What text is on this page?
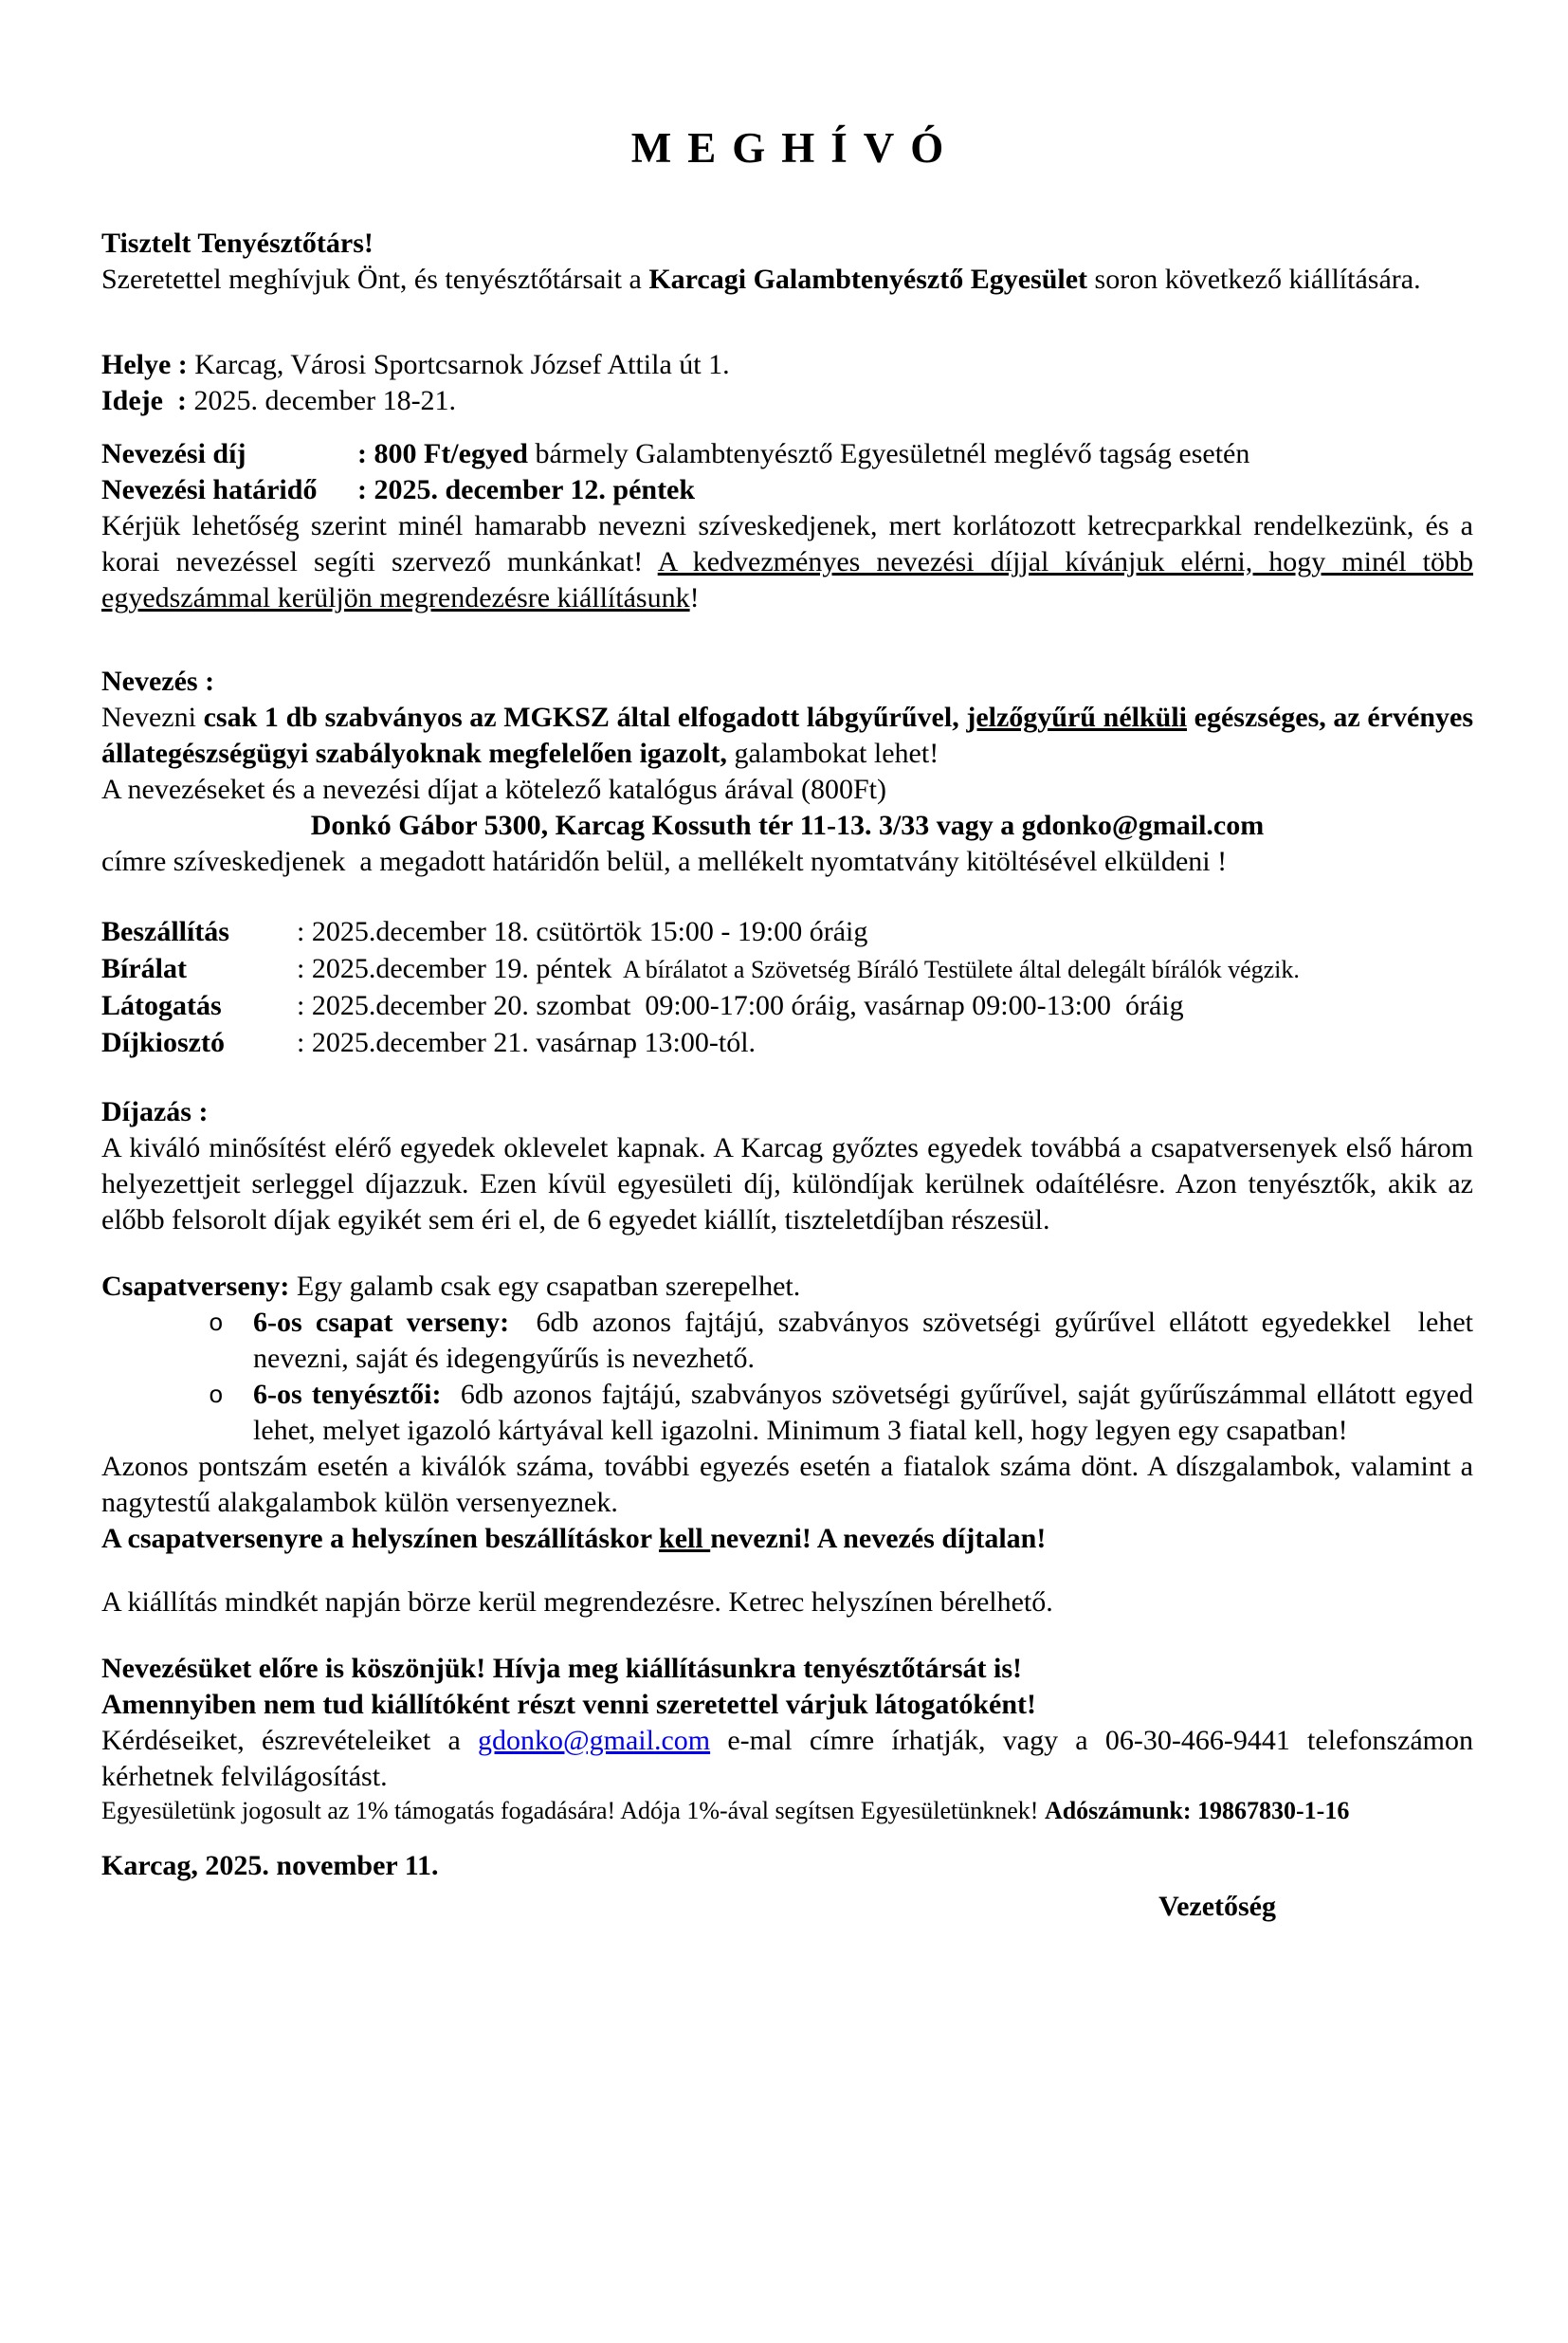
MEGHÍVÓ
Tisztelt Tenyésztőtárs!
Szeretettel meghívjuk Önt, és tenyésztőtársait a Karcagi Galambtenyésztő Egyesület soron következő kiállítására.
Helye : Karcag, Városi Sportcsarnok József Attila út 1.
Ideje  : 2025. december 18-21.
Nevezési díj	: 800 Ft/egyed bármely Galambtenyésztő Egyesületnél meglévő tagság esetén
Nevezési határidő : 2025. december 12. péntek
Kérjük lehetőség szerint minél hamarabb nevezni szíveskedjenek, mert korlátozott ketrecparkkal rendelkezünk, és a korai nevezéssel segíti szervező munkánkat! A kedvezményes nevezési díjjal kívánjuk elérni, hogy minél több egyedszámmal kerüljön megrendezésre kiállításunk!
Nevezés :
Nevezni csak 1 db szabványos az MGKSZ által elfogadott lábgyűrűvel, jelzőgyűrű nélküli egészséges, az érvényes állategészségügyi szabályoknak megfelelően igazolt, galambokat lehet!
A nevezéseket és a nevezési díjat a kötelező katalógus árával (800Ft)
Donkó Gábor 5300, Karcag Kossuth tér 11-13. 3/33 vagy a gdonko@gmail.com
címre szíveskedjenek  a megadott határidőn belül, a mellékelt nyomtatvány kitöltésével elküldeni !
Beszállítás : 2025.december 18. csütörtök 15:00 - 19:00 óráig
Bírálat	: 2025.december 19. péntek  A bírálatot a Szövetség Bíráló Testülete által delegált bírálók végzik.
Látogatás	: 2025.december 20. szombat  09:00-17:00 óráig, vasárnap 09:00-13:00  óráig
Díjkiosztó	: 2025.december 21. vasárnap 13:00-tól.
Díjazás :
A kiváló minősítést elérő egyedek oklevelet kapnak. A Karcag győztes egyedek továbbá a csapatversenyek első három helyezettjeit serleggel díjazzuk. Ezen kívül egyesületi díj, különdíjak kerülnek odaítélésre. Azon tenyésztők, akik az előbb felsorolt díjak egyikét sem éri el, de 6 egyedet kiállít, tiszteletdíjban részesül.
Csapatverseny: Egy galamb csak egy csapatban szerepelhet.
o 6-os csapat verseny:  6db azonos fajtájú, szabványos szövetségi gyűrűvel ellátott egyedekkel  lehet nevezni, saját és idegengyűrűs is nevezhető.
o 6-os tenyésztői:  6db azonos fajtájú, szabványos szövetségi gyűrűvel, saját gyűrűszámmal ellátott egyed lehet, melyet igazoló kártyával kell igazolni. Minimum 3 fiatal kell, hogy legyen egy csapatban!
Azonos pontszám esetén a kiválók száma, további egyezés esetén a fiatalok száma dönt. A díszgalambok, valamint a nagytestű alakgalambok külön versenyeznek.
A csapatversenyre a helyszínen beszállításkor kell nevezni! A nevezés díjtalan!
A kiállítás mindkét napján börze kerül megrendezésre. Ketrec helyszínen bérelhető.
Nevezésüket előre is köszönjük! Hívja meg kiállításunkra tenyésztőtársát is!
Amennyiben nem tud kiállítóként részt venni szeretettel várjuk látogatóként!
Kérdéseiket, észrevételeiket a gdonko@gmail.com e-mal címre írhatják, vagy a 06-30-466-9441 telefonszámon kérhetnek felvilágosítást.
Egyesületünk jogosult az 1% támogatás fogadására! Adója 1%-ával segítsen Egyesületünknek! Adószámunk: 19867830-1-16
Karcag, 2025. november 11.
Vezetőség
